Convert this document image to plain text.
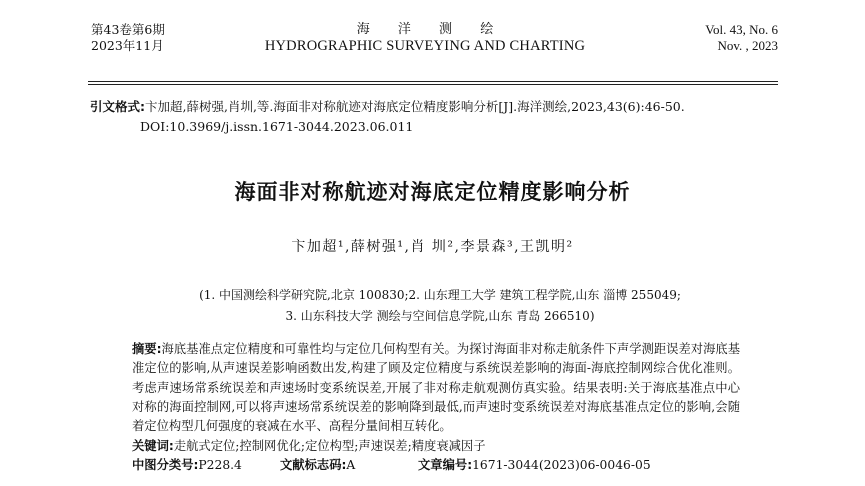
第43卷第6期
2023年11月
海 洋 测 绘
HYDROGRAPHIC SURVEYING AND CHARTING
Vol. 43, No. 6
Nov. , 2023
引文格式:卞加超,薛树强,肖圳,等.海面非对称航迹对海底定位精度影响分析[J].海洋测绘,2023,43(6):46-50.
DOI:10.3969/j.issn.1671-3044.2023.06.011
海面非对称航迹对海底定位精度影响分析
卞加超¹,薛树强¹,肖 圳²,李景森³,王凯明²
(1. 中国测绘科学研究院,北京 100830;2. 山东理工大学 建筑工程学院,山东 淄博 255049;
3. 山东科技大学 测绘与空间信息学院,山东 青岛 266510)
摘要:海底基准点定位精度和可靠性均与定位几何构型有关。为探讨海面非对称走航条件下声学测距误差对海底基准定位的影响,从声速误差影响函数出发,构建了顾及定位精度与系统误差影响的海面-海底控制网综合优化准则。考虑声速场常系统误差和声速场时变系统误差,开展了非对称走航观测仿真实验。结果表明:关于海底基准点中心对称的海面控制网,可以将声速场常系统误差的影响降到最低,而声速时变系统误差对海底基准点定位的影响,会随着定位构型几何强度的衰减在水平、高程分量间相互转化。
关键词:走航式定位;控制网优化;定位构型;声速误差;精度衰减因子
中图分类号:P228.4	文献标志码:A	文章编号:1671-3044(2023)06-0046-05
